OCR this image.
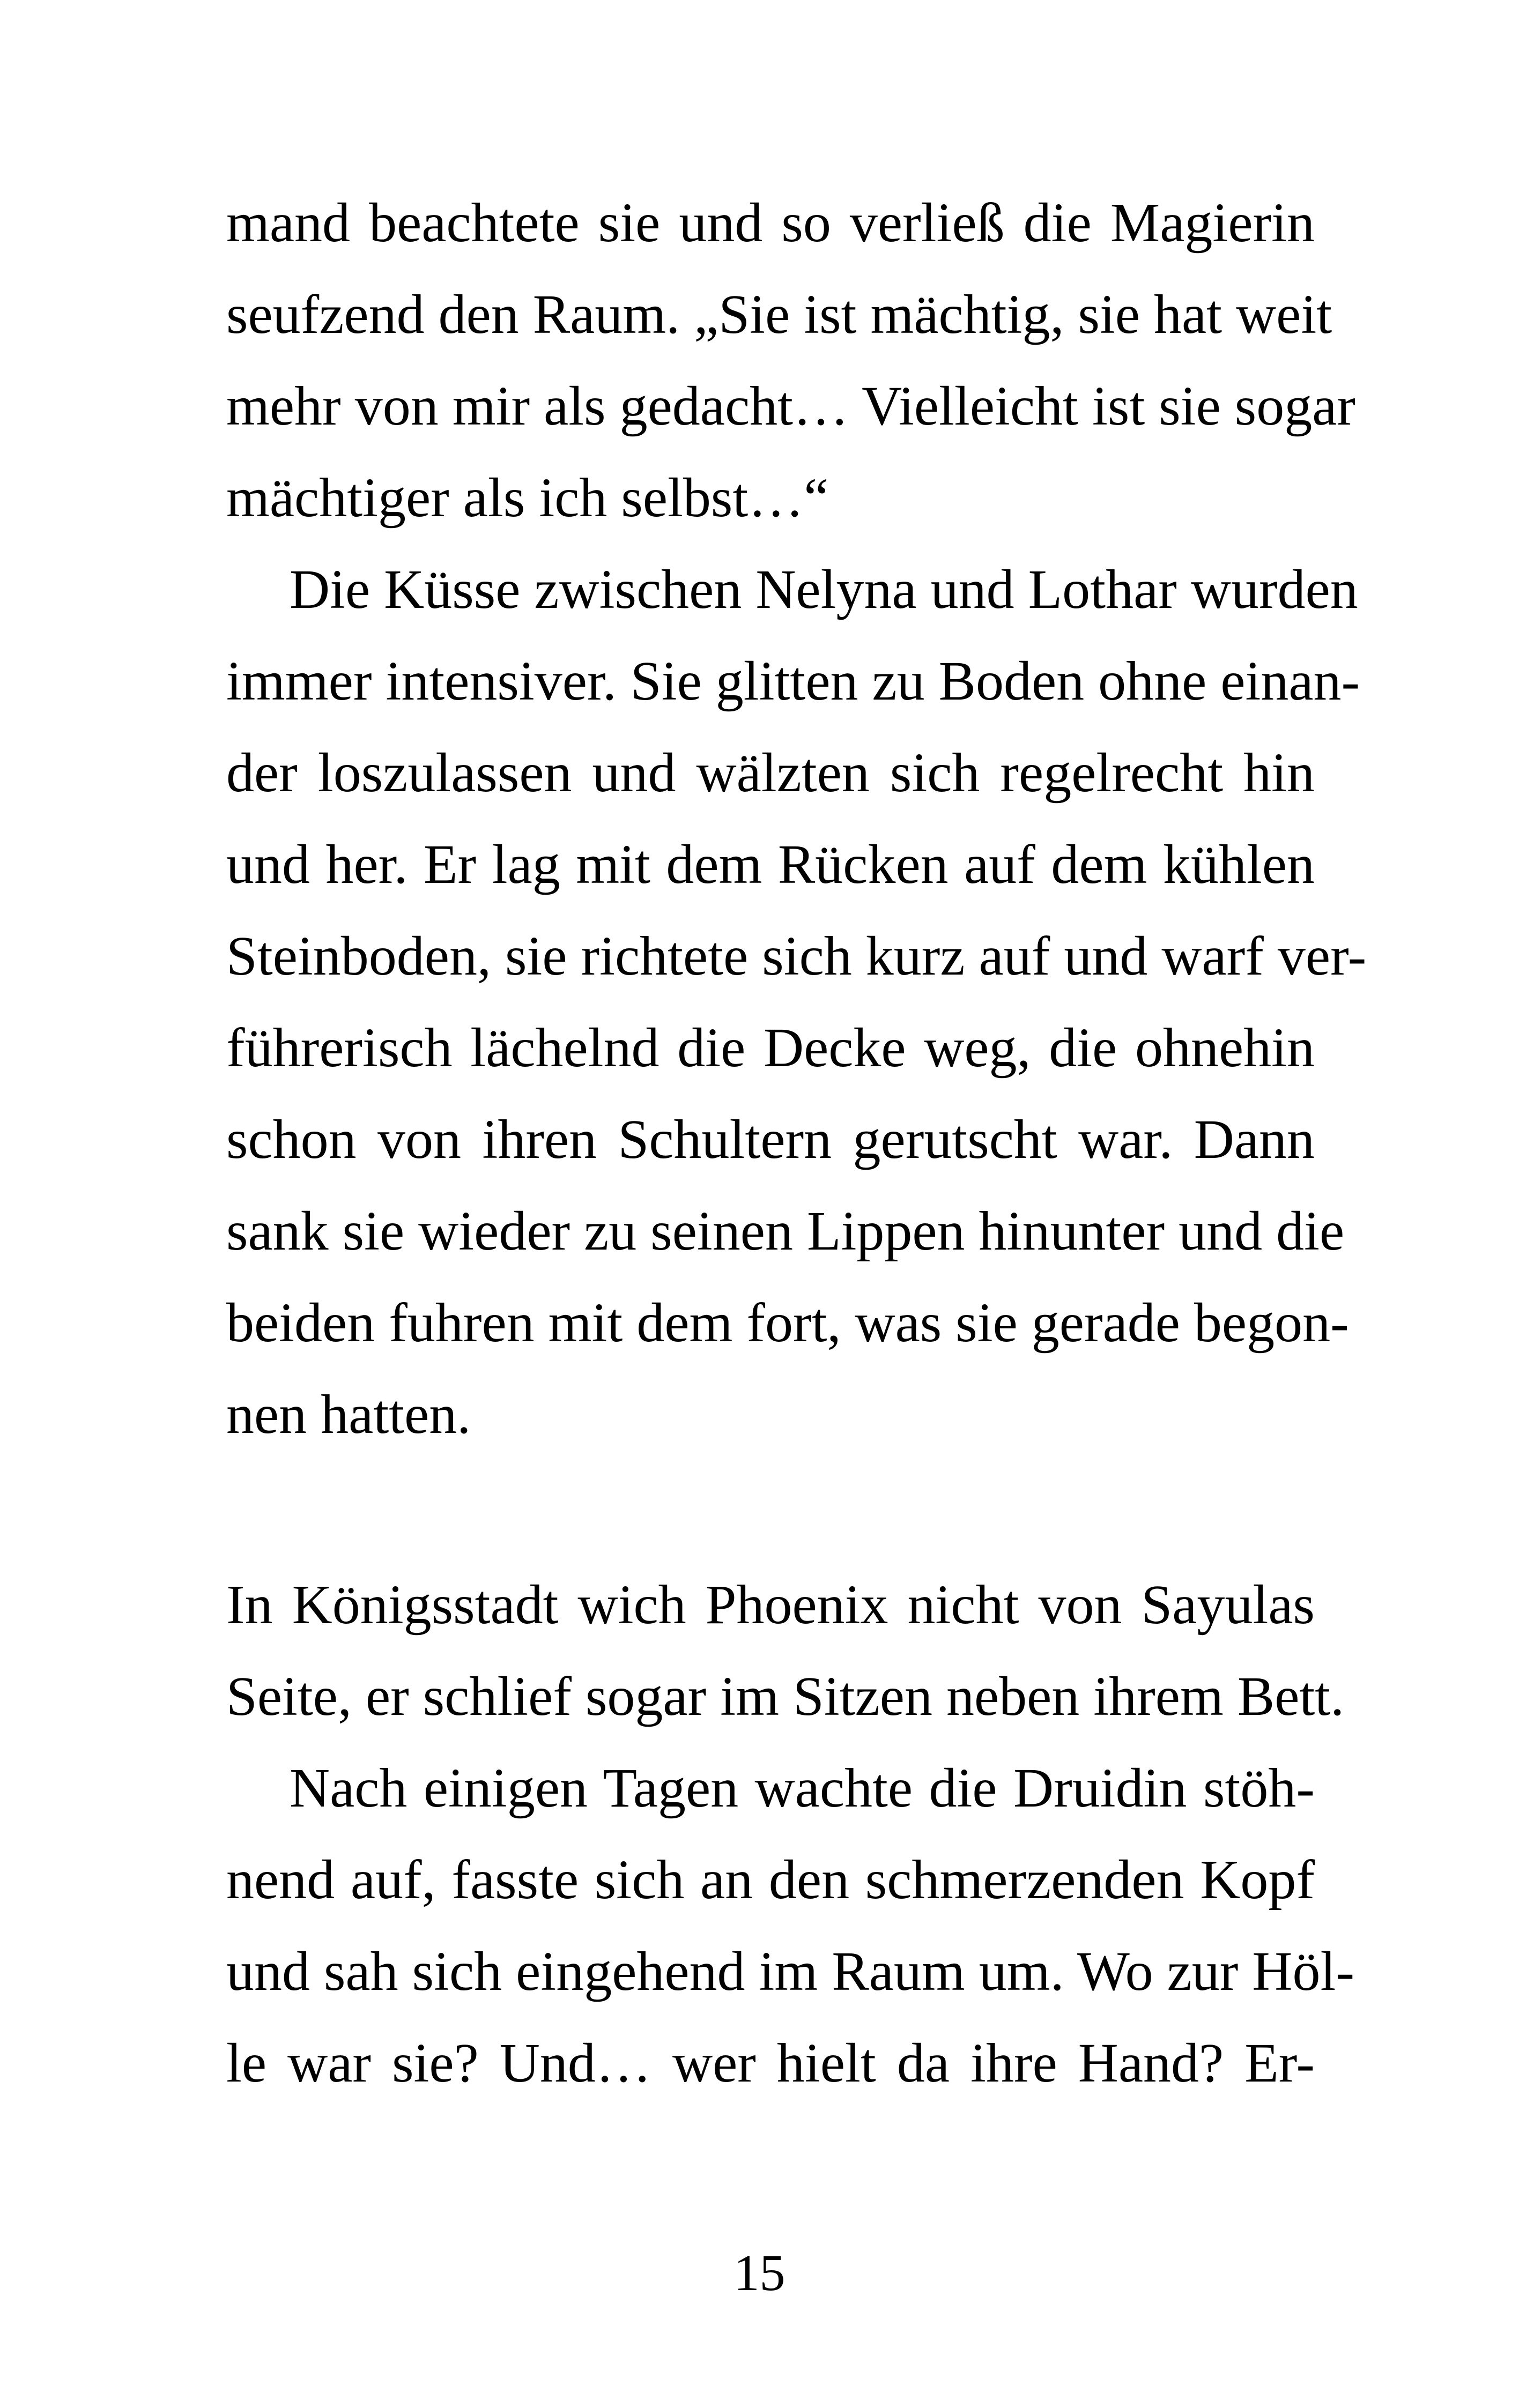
mand beachtete sie und so verließ die Magierin
seufzend den Raum. „Sie ist mächtig, sie hat weit
mehr von mir als gedacht… Vielleicht ist sie sogar
mächtiger als ich selbst…“
Die Küsse zwischen Nelyna und Lothar wurden
immer intensiver. Sie glitten zu Boden ohne einan-
der loszulassen und wälzten sich regelrecht hin
und her. Er lag mit dem Rücken auf dem kühlen
Steinboden, sie richtete sich kurz auf und warf ver-
führerisch lächelnd die Decke weg, die ohnehin
schon von ihren Schultern gerutscht war. Dann
sank sie wieder zu seinen Lippen hinunter und die
beiden fuhren mit dem fort, was sie gerade begon-
nen hatten.
In Königsstadt wich Phoenix nicht von Sayulas
Seite, er schlief sogar im Sitzen neben ihrem Bett.
Nach einigen Tagen wachte die Druidin stöh-
nend auf, fasste sich an den schmerzenden Kopf
und sah sich eingehend im Raum um. Wo zur Höl-
le war sie? Und… wer hielt da ihre Hand? Er-
15
